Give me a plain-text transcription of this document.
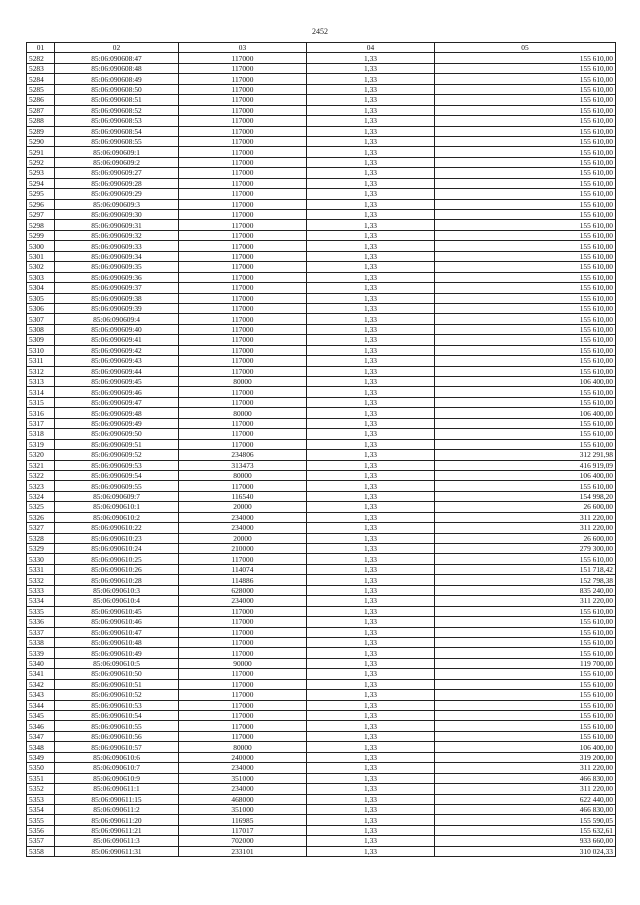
2452
01	02	03	04	05
5282	85:06:090608:47	117000	1,33	155 610,00
5283	85:06:090608:48	117000	1,33	155 610,00
5284	85:06:090608:49	117000	1,33	155 610,00
5285	85:06:090608:50	117000	1,33	155 610,00
5286	85:06:090608:51	117000	1,33	155 610,00
5287	85:06:090608:52	117000	1,33	155 610,00
5288	85:06:090608:53	117000	1,33	155 610,00
5289	85:06:090608:54	117000	1,33	155 610,00
5290	85:06:090608:55	117000	1,33	155 610,00
5291	85:06:090609:1	117000	1,33	155 610,00
5292	85:06:090609:2	117000	1,33	155 610,00
5293	85:06:090609:27	117000	1,33	155 610,00
5294	85:06:090609:28	117000	1,33	155 610,00
5295	85:06:090609:29	117000	1,33	155 610,00
5296	85:06:090609:3	117000	1,33	155 610,00
5297	85:06:090609:30	117000	1,33	155 610,00
5298	85:06:090609:31	117000	1,33	155 610,00
5299	85:06:090609:32	117000	1,33	155 610,00
5300	85:06:090609:33	117000	1,33	155 610,00
5301	85:06:090609:34	117000	1,33	155 610,00
5302	85:06:090609:35	117000	1,33	155 610,00
5303	85:06:090609:36	117000	1,33	155 610,00
5304	85:06:090609:37	117000	1,33	155 610,00
5305	85:06:090609:38	117000	1,33	155 610,00
5306	85:06:090609:39	117000	1,33	155 610,00
5307	85:06:090609:4	117000	1,33	155 610,00
5308	85:06:090609:40	117000	1,33	155 610,00
5309	85:06:090609:41	117000	1,33	155 610,00
5310	85:06:090609:42	117000	1,33	155 610,00
5311	85:06:090609:43	117000	1,33	155 610,00
5312	85:06:090609:44	117000	1,33	155 610,00
5313	85:06:090609:45	80000	1,33	106 400,00
5314	85:06:090609:46	117000	1,33	155 610,00
5315	85:06:090609:47	117000	1,33	155 610,00
5316	85:06:090609:48	80000	1,33	106 400,00
5317	85:06:090609:49	117000	1,33	155 610,00
5318	85:06:090609:50	117000	1,33	155 610,00
5319	85:06:090609:51	117000	1,33	155 610,00
5320	85:06:090609:52	234806	1,33	312 291,98
5321	85:06:090609:53	313473	1,33	416 919,09
5322	85:06:090609:54	80000	1,33	106 400,00
5323	85:06:090609:55	117000	1,33	155 610,00
5324	85:06:090609:7	116540	1,33	154 998,20
5325	85:06:090610:1	20000	1,33	26 600,00
5326	85:06:090610:2	234000	1,33	311 220,00
5327	85:06:090610:22	234000	1,33	311 220,00
5328	85:06:090610:23	20000	1,33	26 600,00
5329	85:06:090610:24	210000	1,33	279 300,00
5330	85:06:090610:25	117000	1,33	155 610,00
5331	85:06:090610:26	114074	1,33	151 718,42
5332	85:06:090610:28	114886	1,33	152 798,38
5333	85:06:090610:3	628000	1,33	835 240,00
5334	85:06:090610:4	234000	1,33	311 220,00
5335	85:06:090610:45	117000	1,33	155 610,00
5336	85:06:090610:46	117000	1,33	155 610,00
5337	85:06:090610:47	117000	1,33	155 610,00
5338	85:06:090610:48	117000	1,33	155 610,00
5339	85:06:090610:49	117000	1,33	155 610,00
5340	85:06:090610:5	90000	1,33	119 700,00
5341	85:06:090610:50	117000	1,33	155 610,00
5342	85:06:090610:51	117000	1,33	155 610,00
5343	85:06:090610:52	117000	1,33	155 610,00
5344	85:06:090610:53	117000	1,33	155 610,00
5345	85:06:090610:54	117000	1,33	155 610,00
5346	85:06:090610:55	117000	1,33	155 610,00
5347	85:06:090610:56	117000	1,33	155 610,00
5348	85:06:090610:57	80000	1,33	106 400,00
5349	85:06:090610:6	240000	1,33	319 200,00
5350	85:06:090610:7	234000	1,33	311 220,00
5351	85:06:090610:9	351000	1,33	466 830,00
5352	85:06:090611:1	234000	1,33	311 220,00
5353	85:06:090611:15	468000	1,33	622 440,00
5354	85:06:090611:2	351000	1,33	466 830,00
5355	85:06:090611:20	116985	1,33	155 590,05
5356	85:06:090611:21	117017	1,33	155 632,61
5357	85:06:090611:3	702000	1,33	933 660,00
5358	85:06:090611:31	233101	1,33	310 024,33
